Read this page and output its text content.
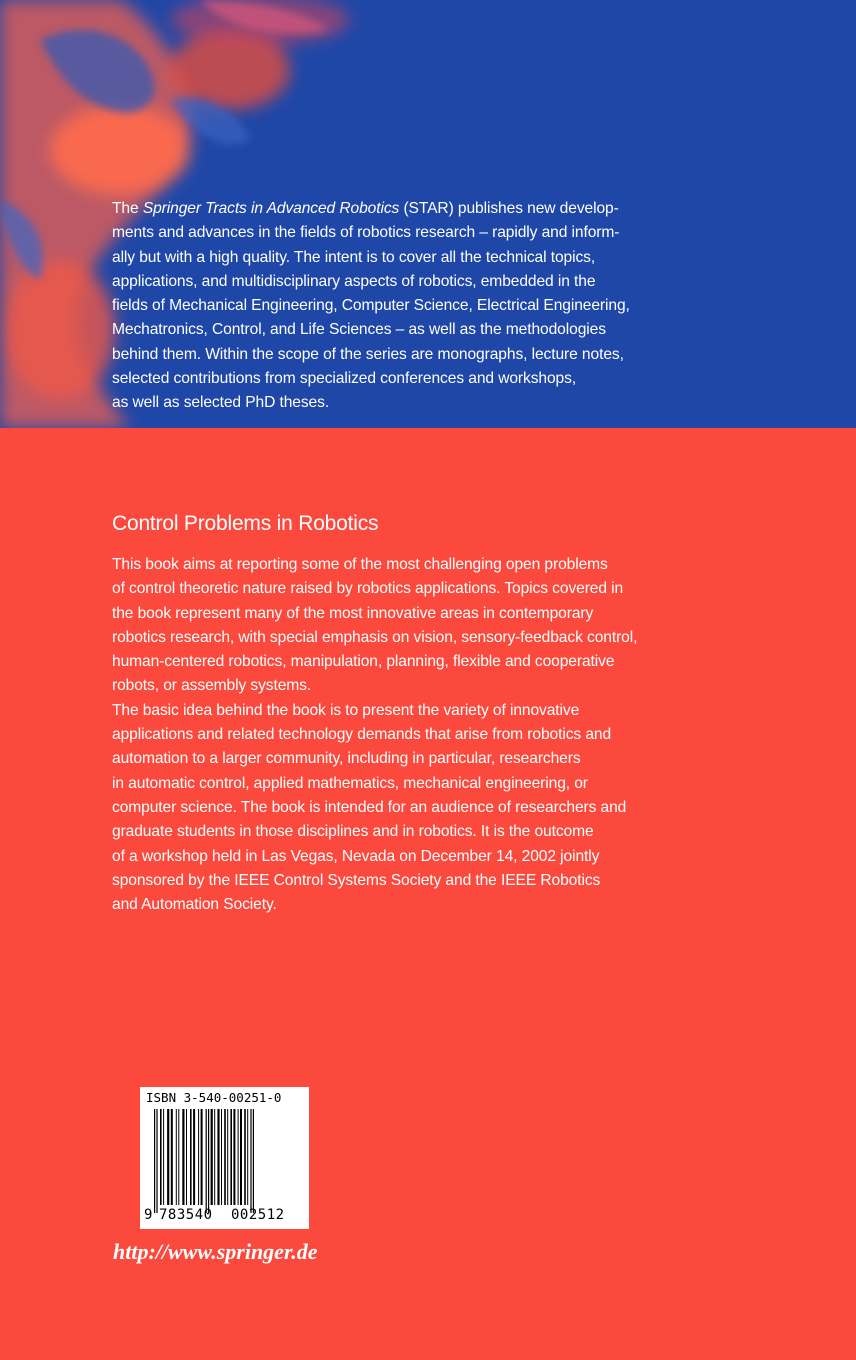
The Springer Tracts in Advanced Robotics (STAR) publishes new develop-
ments and advances in the fields of robotics research – rapidly and inform-
ally but with a high quality. The intent is to cover all the technical topics,
applications, and multidisciplinary aspects of robotics, embedded in the
fields of Mechanical Engineering, Computer Science, Electrical Engineering,
Mechatronics, Control, and Life Sciences – as well as the methodologies
behind them. Within the scope of the series are monographs, lecture notes,
selected contributions from specialized conferences and workshops,
as well as selected PhD theses.

Control Problems in Robotics

This book aims at reporting some of the most challenging open problems
of control theoretic nature raised by robotics applications. Topics covered in
the book represent many of the most innovative areas in contemporary
robotics research, with special emphasis on vision, sensory-feedback control,
human-centered robotics, manipulation, planning, flexible and cooperative
robots, or assembly systems.
The basic idea behind the book is to present the variety of innovative
applications and related technology demands that arise from robotics and
automation to a larger community, including in particular, researchers
in automatic control, applied mathematics, mechanical engineering, or
computer science. The book is intended for an audience of researchers and
graduate students in those disciplines and in robotics. It is the outcome
of a workshop held in Las Vegas, Nevada on December 14, 2002 jointly
sponsored by the IEEE Control Systems Society and the IEEE Robotics
and Automation Society.

ISBN 3-540-00251-0
9 783540 002512
http://www.springer.de
